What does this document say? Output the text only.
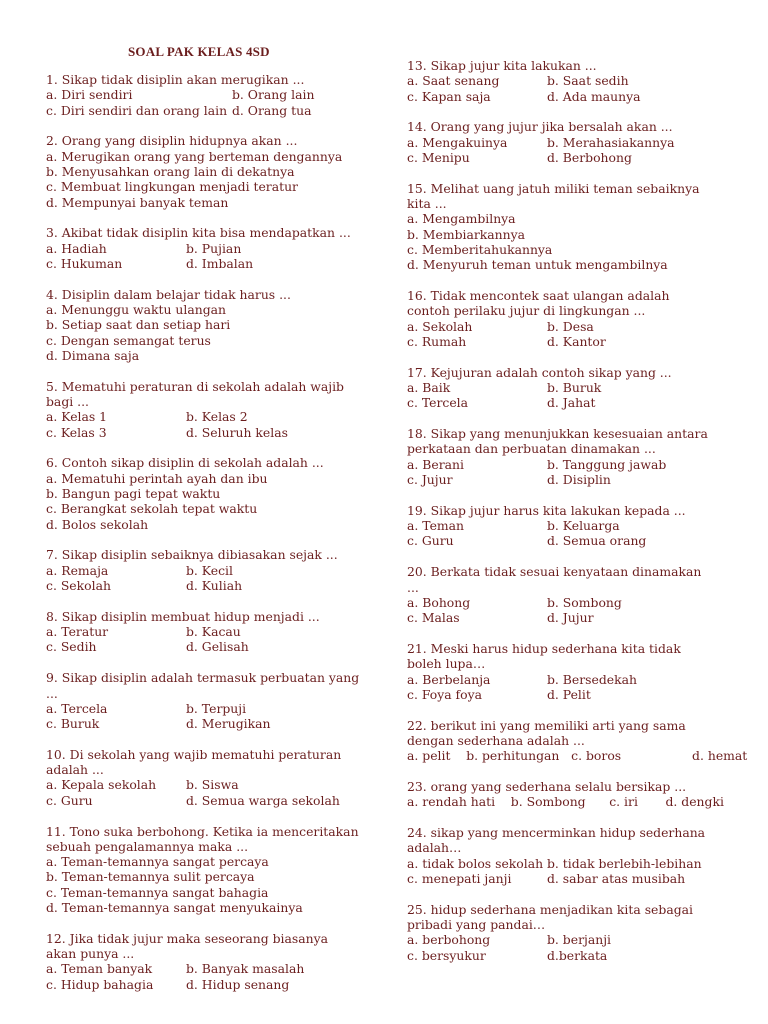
SOAL PAK KELAS 4SD
1. Sikap tidak disiplin akan merugikan ...
a. Diri sendiri	b. Orang lain
c. Diri sendiri dan orang lain d. Orang tua
2. Orang yang disiplin hidupnya akan ...
a. Merugikan orang yang berteman dengannya
b. Menyusahkan orang lain di dekatnya
c. Membuat lingkungan menjadi teratur
d. Mempunyai banyak teman
3. Akibat tidak disiplin kita bisa mendapatkan ...
a. Hadiah	b. Pujian
c. Hukuman	d. Imbalan
4. Disiplin dalam belajar tidak harus ...
a. Menunggu waktu ulangan
b. Setiap saat dan setiap hari
c. Dengan semangat terus
d. Dimana saja
5. Mematuhi peraturan di sekolah adalah wajib bagi ...
a. Kelas 1	b. Kelas 2
c. Kelas 3	d. Seluruh kelas
6. Contoh sikap disiplin di sekolah adalah ...
a. Mematuhi perintah ayah dan ibu
b. Bangun pagi tepat waktu
c. Berangkat sekolah tepat waktu
d. Bolos sekolah
7. Sikap disiplin sebaiknya dibiasakan sejak ...
a. Remaja	b. Kecil
c. Sekolah	d. Kuliah
8. Sikap disiplin membuat hidup menjadi ...
a. Teratur	b. Kacau
c. Sedih	d. Gelisah
9. Sikap disiplin adalah termasuk perbuatan yang ...
a. Tercela	b. Terpuji
c. Buruk	d. Merugikan
10. Di sekolah yang wajib mematuhi peraturan adalah ...
a. Kepala sekolah	b. Siswa
c. Guru	d. Semua warga sekolah
11. Tono suka berbohong. Ketika ia menceritakan sebuah pengalamannya maka ...
a. Teman-temannya sangat percaya
b. Teman-temannya sulit percaya
c. Teman-temannya sangat bahagia
d. Teman-temannya sangat menyukainya
12. Jika tidak jujur maka seseorang biasanya akan punya ...
a. Teman banyak	b. Banyak masalah
c. Hidup bahagia	d. Hidup senang
13. Sikap jujur kita lakukan ...
a. Saat senang	b. Saat sedih
c. Kapan saja	d. Ada maunya
14. Orang yang jujur jika bersalah akan ...
a. Mengakuinya	b. Merahasiakannya
c. Menipu	d. Berbohong
15. Melihat uang jatuh miliki teman sebaiknya kita ...
a. Mengambilnya
b. Membiarkannya
c. Memberitahukannya
d. Menyuruh teman untuk mengambilnya
16. Tidak mencontek saat ulangan adalah contoh perilaku jujur di lingkungan ...
a. Sekolah	b. Desa
c. Rumah	d. Kantor
17. Kejujuran adalah contoh sikap yang ...
a. Baik	b. Buruk
c. Tercela	d. Jahat
18. Sikap yang menunjukkan kesesuaian antara perkataan dan perbuatan dinamakan ...
a. Berani	b. Tanggung jawab
c. Jujur	d. Disiplin
19. Sikap jujur harus kita lakukan kepada ...
a. Teman	b. Keluarga
c. Guru	d. Semua orang
20. Berkata tidak sesuai kenyataan dinamakan ...
a. Bohong	b. Sombong
c. Malas	d. Jujur
21. Meski harus hidup sederhana kita tidak boleh lupa…
a. Berbelanja	b. Bersedekah
c. Foya foya	d. Pelit
22. berikut ini yang memiliki arti yang sama dengan sederhana adalah ...
a. pelit    b. perhitungan   c. boros                  d. hemat
23. orang yang sederhana selalu bersikap ...
a. rendah hati    b. Sombong      c. iri       d. dengki
24. sikap yang mencerminkan hidup sederhana adalah…
a. tidak bolos sekolah b. tidak berlebih-lebihan
c. menepati janji	d. sabar atas musibah
25. hidup sederhana menjadikan kita sebagai pribadi yang pandai…
a. berbohong	b. berjanji
c. bersyukur	d.berkata
